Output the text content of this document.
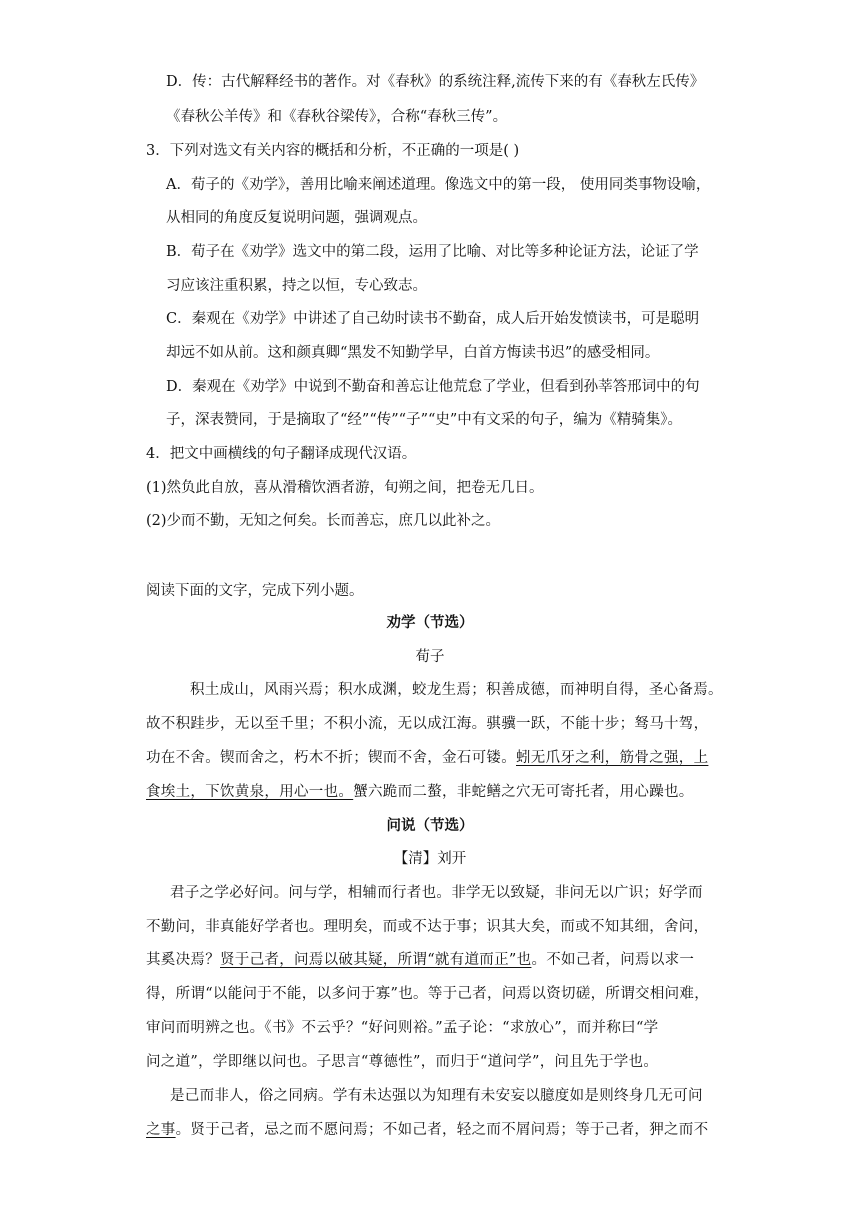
D．传：古代解释经书的著作。对《春秋》的系统注释,流传下来的有《春秋左氏传》
《春秋公羊传》和《春秋谷梁传》，合称“春秋三传”。
3．下列对选文有关内容的概括和分析，不正确的一项是( )
A．荀子的《劝学》，善用比喻来阐述道理。像选文中的第一段， 使用同类事物设喻，
从相同的角度反复说明问题，强调观点。
B．荀子在《劝学》选文中的第二段，运用了比喻、对比等多种论证方法，论证了学
习应该注重积累，持之以恒，专心致志。
C．秦观在《劝学》中讲述了自己幼时读书不勤奋，成人后开始发愤读书，可是聪明
却远不如从前。这和颜真卿“黑发不知勤学早，白首方悔读书迟”的感受相同。
D．秦观在《劝学》中说到不勤奋和善忘让他荒怠了学业，但看到孙莘答邢词中的句
子，深表赞同，于是摘取了“经”“传”“子”“史”中有文采的句子，编为《精骑集》。
4．把文中画横线的句子翻译成现代汉语。
(1)然负此自放，喜从滑稽饮酒者游，旬朔之间，把卷无几日。
(2)少而不勤，无知之何矣。长而善忘，庶几以此补之。
阅读下面的文字，完成下列小题。
劝学（节选）
荀子
积土成山，风雨兴焉；积水成渊，蛟龙生焉；积善成德，而神明自得，圣心备焉。
故不积跬步，无以至千里；不积小流，无以成江海。骐骥一跃，不能十步；驽马十驾，
功在不舍。锲而舍之，朽木不折；锲而不舍，金石可镂。蚓无爪牙之利，筋骨之强，上
食埃土，下饮黄泉，用心一也。蟹六跪而二螯，非蛇鳝之穴无可寄托者，用心躁也。
问说（节选）
【清】刘开
君子之学必好问。问与学，相辅而行者也。非学无以致疑，非问无以广识；好学而
不勤问，非真能好学者也。理明矣，而或不达于事；识其大矣，而或不知其细，舍问，
其奚决焉？贤于己者，问焉以破其疑，所谓“就有道而正”也。不如己者，问焉以求一
得，所谓“以能问于不能，以多问于寡”也。等于己者，问焉以资切磋，所谓交相问难，
审问而明辨之也。《书》不云乎？“好问则裕。”孟子论：“求放心”，而并称曰“学
问之道”，学即继以问也。子思言“尊德性”，而归于“道问学”，问且先于学也。
是己而非人，俗之同病。学有未达强以为知理有未安妄以臆度如是则终身几无可问
之事。贤于己者，忌之而不愿问焉；不如己者，轻之而不屑问焉；等于己者，狎之而不
